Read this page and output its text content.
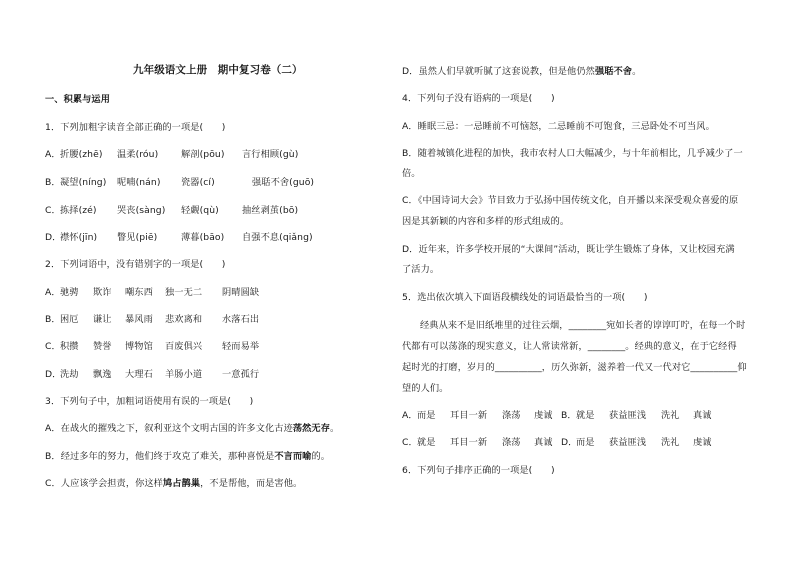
九年级语文上册　期中复习卷（二）
一、积累与运用
1．下列加粗字读音全部正确的一项是(　　)
A．折腰(zhē) 温柔(róu) 解剖(pōu) 言行相顾(gù)
B．凝望(níng) 呢喃(nán) 瓷器(cí)	强聒不舍(guō)
C．拣择(zé) 哭丧(sàng) 轻觑(qù)	抽丝剥茧(bō)
D．襟怀(jīn) 瞥见(piē)	薄暮(bāo) 自强不息(qiǎng)
2．下列词语中，没有错别字的一项是(　　)
A．驰骋 欺诈 嘲东西 独一无二 阴晴圆缺
B．困厄 谦让 暴风雨 悲欢离和 水落石出
C．积攒 赞誉 博物馆 百废俱兴 轻而易举
D．洗劫 飘逸 大理石 羊肠小道 一意孤行
3．下列句子中，加粗词语使用有误的一项是(　　)
A．在战火的摧残之下，叙利亚这个文明古国的许多文化古迹荡然无存。
B．经过多年的努力，他们终于攻克了难关，那种喜悦是不言而喻的。
C．人应该学会担责，你这样鸠占鹊巢，不是帮他，而是害他。
D．虽然人们早就听腻了这套说教，但是他仍然强聒不舍。
4．下列句子没有语病的一项是(　　)
A．睡眠三忌：一忌睡前不可恼怒，二忌睡前不可饱食，三忌卧处不可当风。
B．随着城镇化进程的加快，我市农村人口大幅减少，与十年前相比，几乎减少了一
倍。
C．《中国诗词大会》节目致力于弘扬中国传统文化，自开播以来深受观众喜爱的原
因是其新颖的内容和多样的形式组成的。
D．近年来，许多学校开展的“大课间”活动，既让学生锻炼了身体，又让校园充满
了活力。
5．选出依次填入下面语段横线处的词语最恰当的一项(　　)
经典从来不是旧纸堆里的过往云烟，________宛如长者的谆谆叮咛，在每一个时
代都有可以荡涤的现实意义，让人常读常新，________。经典的意义，在于它经得
起时光的打磨，岁月的__________，历久弥新，滋养着一代又一代对它__________仰
望的人们。
A．而是 耳目一新 涤荡 虔诚 B．就是 获益匪浅 洗礼 真诚
C．就是 耳目一新 涤荡 真诚 D．而是 获益匪浅 洗礼 虔诚
6．下列句子排序正确的一项是(　　)
